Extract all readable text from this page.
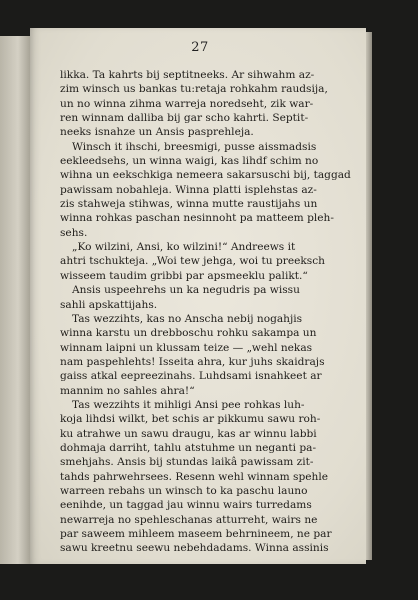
27
likka. Ta kahrts bij septitneeks. Ar sihwahm az-
zim winsch us bankas tu:retaja rohkahm raudsija,
un no winna zihma warreja noredseht, zik war-
ren winnam dalliba bij gar scho kahrti. Septit-
neeks isnahze un Ansis pasprehleja.
Winsch it ihschi, breesmigi, pusse aissmadsis
eekleedsehs, un winna waigi, kas lihdf schim no
wihna un eekschkiga nemeera sakarsuschi bij, taggad
pawissam nobahleja. Winna platti isplehstas az-
zis stahweja stihwas, winna mutte raustijahs un
winna rohkas paschan nesinnoht pa matteem pleh-
sehs.
„Ko wilzini, Ansi, ko wilzini!“ Andreews it
ahtri tschukteja. „Woi tew jehga, woi tu preeksch
wisseem taudim gribbi par apsmeeklu palikt.“
Ansis uspeehrehs un ka negudris pa wissu
sahli apskattijahs.
Tas wezzihts, kas no Anscha nebij nogahjis
winna karstu un drebboschu rohku sakampa un
winnam laipni un klussam teize — „wehl nekas
nam paspehlehts! Isseita ahra, kur juhs skaidrajs
gaiss atkal eepreezinahs. Luhdsami isnahkeet ar
mannim no sahles ahra!“
Tas wezzihts it mihligi Ansi pee rohkas luh-
koja lihdsi wilkt, bet schis ar pikkumu sawu roh-
ku atrahwe un sawu draugu, kas ar winnu labbi
dohmaja darriht, tahlu atstuhme un neganti pa-
smehjahs. Ansis bij stundas laikâ pawissam zit-
tahds pahrwehrsees. Resenn wehl winnam spehle
warreen rebahs un winsch to ka paschu launo
eenihde, un taggad jau winnu wairs turredams
newarreja no spehleschanas atturreht, wairs ne
par saweem mihleem maseem behrnineem, ne par
sawu kreetnu seewu nebehdadams. Winna assinis
